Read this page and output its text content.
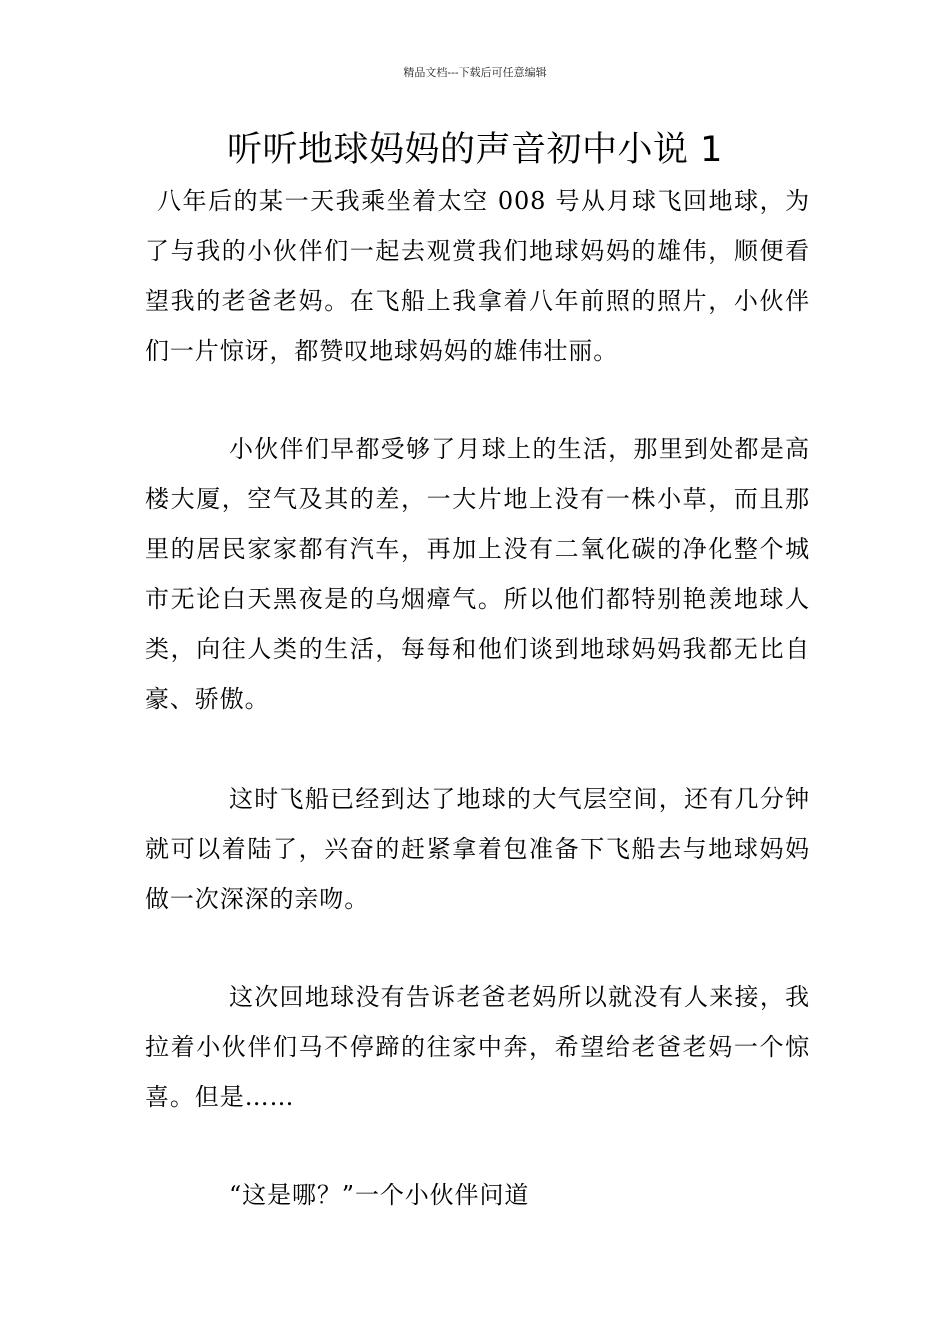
精品文档---下载后可任意编辑
听听地球妈妈的声音初中小说 1

八年后的某一天我乘坐着太空 008 号从月球飞回地球，为了与我的小伙伴们一起去观赏我们地球妈妈的雄伟，顺便看望我的老爸老妈。在飞船上我拿着八年前照的照片，小伙伴们一片惊讶，都赞叹地球妈妈的雄伟壮丽。

小伙伴们早都受够了月球上的生活，那里到处都是高楼大厦，空气及其的差，一大片地上没有一株小草，而且那里的居民家家都有汽车，再加上没有二氧化碳的净化整个城市无论白天黑夜是的乌烟瘴气。所以他们都特别艳羡地球人类，向往人类的生活，每每和他们谈到地球妈妈我都无比自豪、骄傲。

这时飞船已经到达了地球的大气层空间，还有几分钟就可以着陆了，兴奋的赶紧拿着包准备下飞船去与地球妈妈做一次深深的亲吻。

这次回地球没有告诉老爸老妈所以就没有人来接，我拉着小伙伴们马不停蹄的往家中奔，希望给老爸老妈一个惊喜。但是……

“这是哪？”一个小伙伴问道
